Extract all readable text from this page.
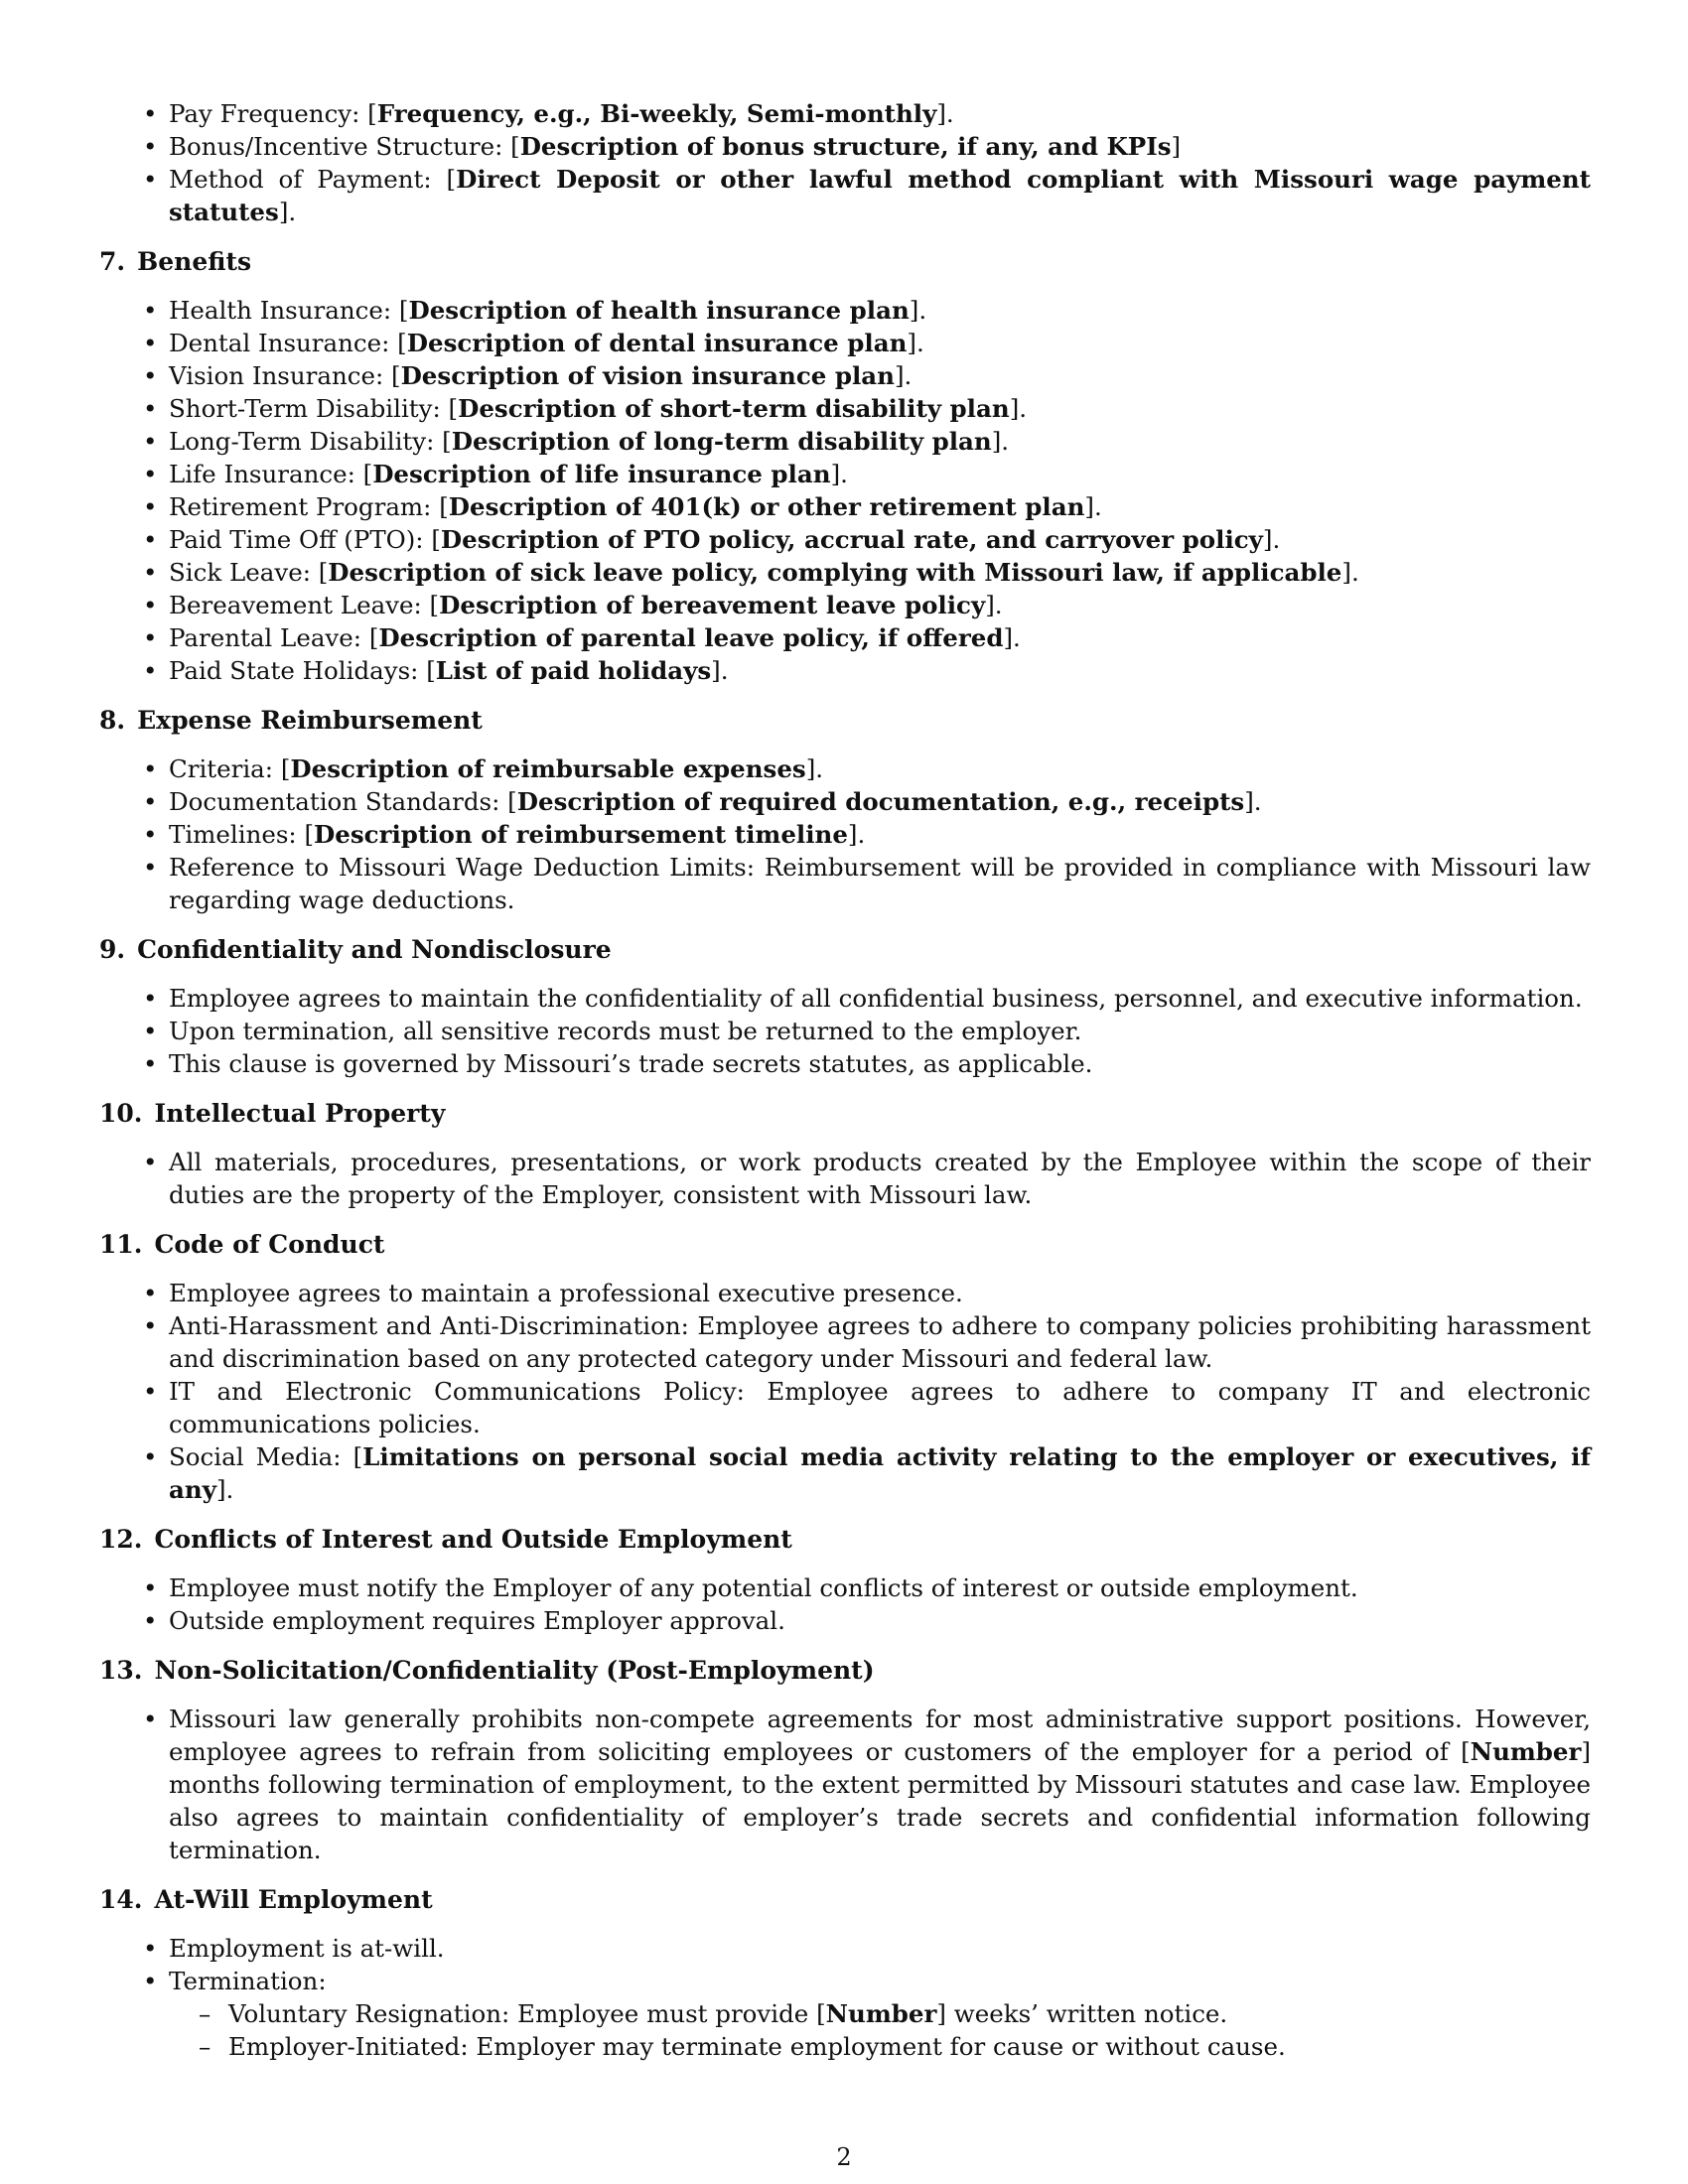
• Pay Frequency: [Frequency, e.g., Bi-weekly, Semi-monthly].
• Bonus/Incentive Structure: [Description of bonus structure, if any, and KPIs]
• Method of Payment: [Direct Deposit or other lawful method compliant with Missouri wage payment statutes].
7. Benefits
• Health Insurance: [Description of health insurance plan].
• Dental Insurance: [Description of dental insurance plan].
• Vision Insurance: [Description of vision insurance plan].
• Short-Term Disability: [Description of short-term disability plan].
• Long-Term Disability: [Description of long-term disability plan].
• Life Insurance: [Description of life insurance plan].
• Retirement Program: [Description of 401(k) or other retirement plan].
• Paid Time Off (PTO): [Description of PTO policy, accrual rate, and carryover policy].
• Sick Leave: [Description of sick leave policy, complying with Missouri law, if applicable].
• Bereavement Leave: [Description of bereavement leave policy].
• Parental Leave: [Description of parental leave policy, if offered].
• Paid State Holidays: [List of paid holidays].
8. Expense Reimbursement
• Criteria: [Description of reimbursable expenses].
• Documentation Standards: [Description of required documentation, e.g., receipts].
• Timelines: [Description of reimbursement timeline].
• Reference to Missouri Wage Deduction Limits: Reimbursement will be provided in compliance with Missouri law regarding wage deductions.
9. Confidentiality and Nondisclosure
• Employee agrees to maintain the confidentiality of all confidential business, personnel, and executive information.
• Upon termination, all sensitive records must be returned to the employer.
• This clause is governed by Missouri’s trade secrets statutes, as applicable.
10. Intellectual Property
• All materials, procedures, presentations, or work products created by the Employee within the scope of their duties are the property of the Employer, consistent with Missouri law.
11. Code of Conduct
• Employee agrees to maintain a professional executive presence.
• Anti-Harassment and Anti-Discrimination: Employee agrees to adhere to company policies prohibiting harassment and discrimination based on any protected category under Missouri and federal law.
• IT and Electronic Communications Policy: Employee agrees to adhere to company IT and electronic communications policies.
• Social Media: [Limitations on personal social media activity relating to the employer or executives, if any].
12. Conflicts of Interest and Outside Employment
• Employee must notify the Employer of any potential conflicts of interest or outside employment.
• Outside employment requires Employer approval.
13. Non-Solicitation/Confidentiality (Post-Employment)
• Missouri law generally prohibits non-compete agreements for most administrative support positions. However, employee agrees to refrain from soliciting employees or customers of the employer for a period of [Number] months following termination of employment, to the extent permitted by Missouri statutes and case law. Employee also agrees to maintain confidentiality of employer’s trade secrets and confidential information following termination.
14. At-Will Employment
• Employment is at-will.
• Termination:
– Voluntary Resignation: Employee must provide [Number] weeks’ written notice.
– Employer-Initiated: Employer may terminate employment for cause or without cause.
2
